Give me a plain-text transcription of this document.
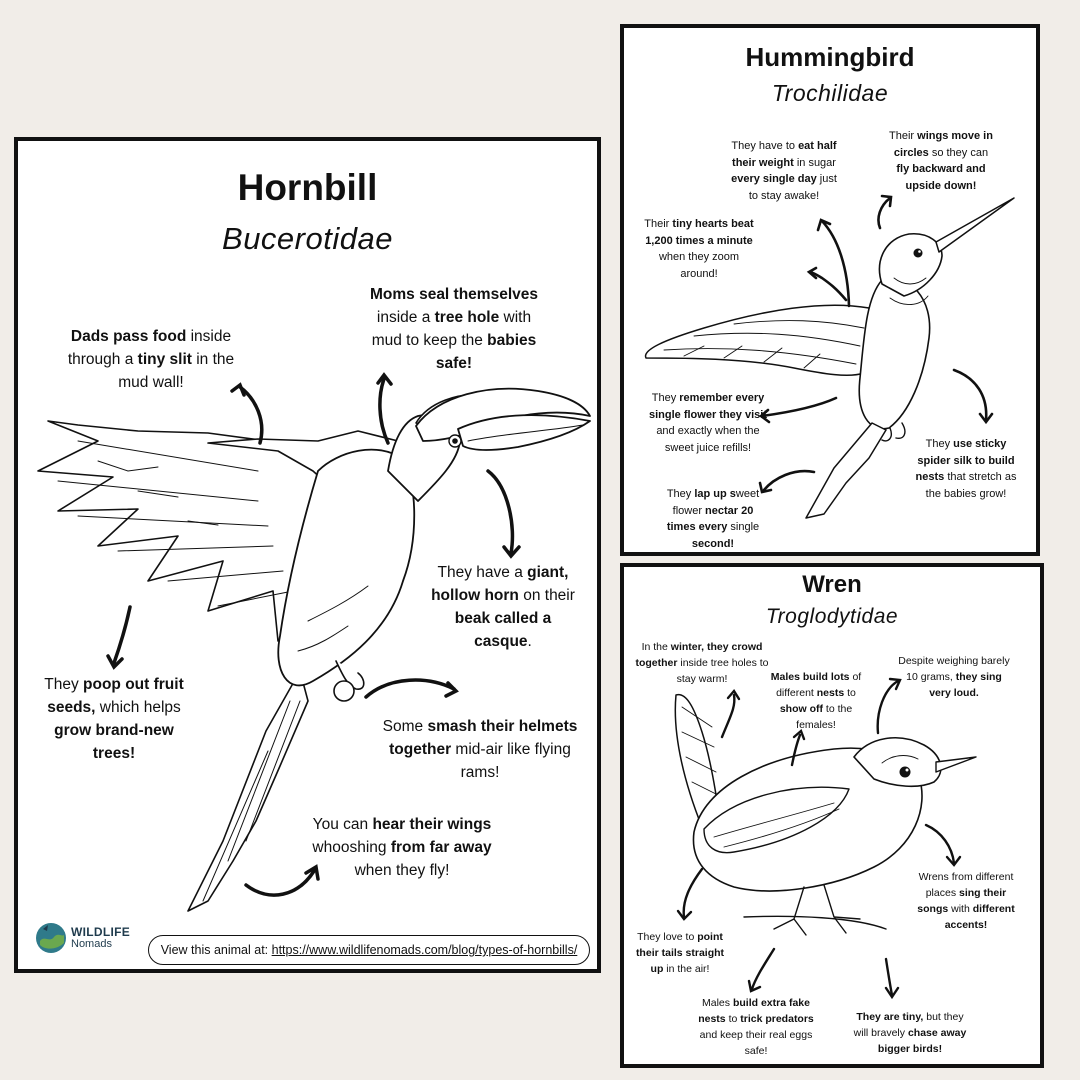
Hornbill
Bucerotidae
Dads pass food inside through a tiny slit in the mud wall!
Moms seal themselves inside a tree hole with mud to keep the babies safe!
They have a giant, hollow horn on their beak called a casque.
They poop out fruit seeds, which helps grow brand-new trees!
Some smash their helmets together mid-air like flying rams!
You can hear their wings whooshing from far away when they fly!
WILDLIFE
Nomads	View this animal at: https://www.wildlifenomads.com/blog/types-of-hornbills/
Hummingbird
Trochilidae
They have to eat half their weight in sugar every single day just to stay awake!
Their wings move in circles so they can fly backward and upside down!
Their tiny hearts beat 1,200 times a minute when they zoom around!
They remember every single flower they visit and exactly when the sweet juice refills!	They use sticky spider silk to build nests that stretch as the babies grow!
They lap up sweet flower nectar 20 times every single second!
Wren
Troglodytidae
In the winter, they crowd together inside tree holes to stay warm!	Males build lots of different nests to show off to the females!
Despite weighing barely 10 grams, they sing very loud.
Wrens from different places sing their songs with different accents!
They love to point their tails straight up in the air!
Males build extra fake nests to trick predators and keep their real eggs safe!
They are tiny, but they will bravely chase away bigger birds!
